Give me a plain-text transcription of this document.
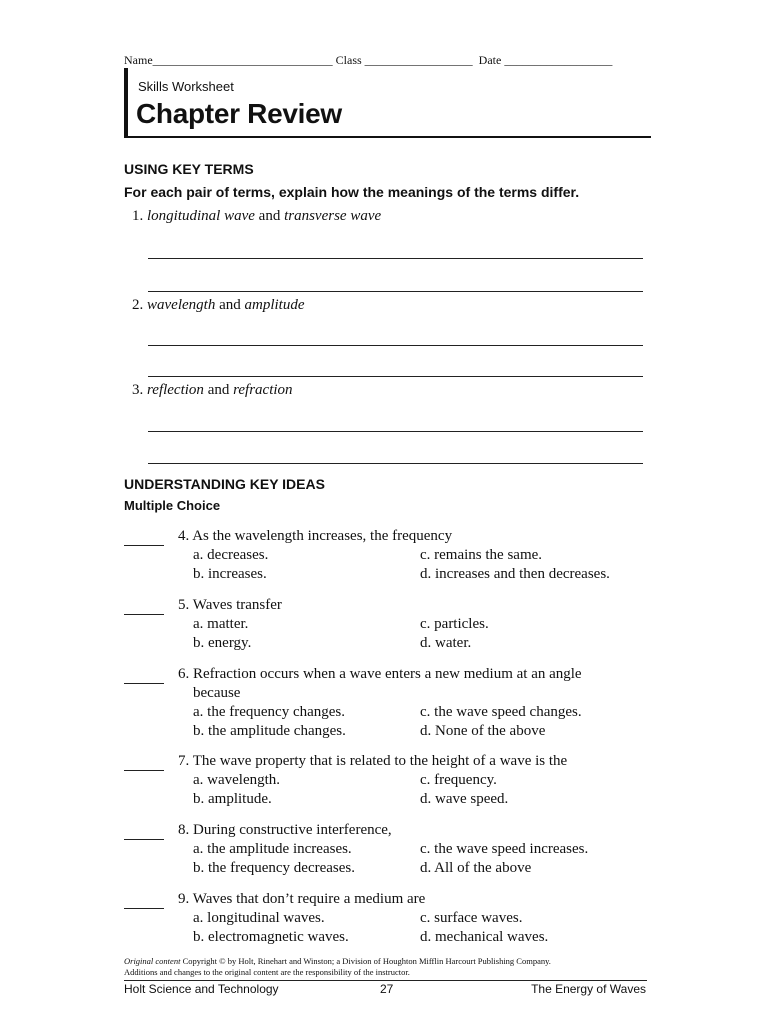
Name______________________________ Class __________________ Date __________________
Skills Worksheet
Chapter Review
USING KEY TERMS
For each pair of terms, explain how the meanings of the terms differ.
1. longitudinal wave and transverse wave
2. wavelength and amplitude
3. reflection and refraction
UNDERSTANDING KEY IDEAS
Multiple Choice
4. As the wavelength increases, the frequency
a. decreases.	c. remains the same.
b. increases.	d. increases and then decreases.
5. Waves transfer
a. matter.	c. particles.
b. energy.	d. water.
6. Refraction occurs when a wave enters a new medium at an angle
because
a. the frequency changes.	c. the wave speed changes.
b. the amplitude changes.	d. None of the above
7. The wave property that is related to the height of a wave is the
a. wavelength.	c. frequency.
b. amplitude.	d. wave speed.
8. During constructive interference,
a. the amplitude increases.	c. the wave speed increases.
b. the frequency decreases.	d. All of the above
9. Waves that don’t require a medium are
a. longitudinal waves.	c. surface waves.
b. electromagnetic waves.	d. mechanical waves.
Original content Copyright © by Holt, Rinehart and Winston; a Division of Houghton Mifflin Harcourt Publishing Company.
Additions and changes to the original content are the responsibility of the instructor.
Holt Science and Technology	27	The Energy of Waves
